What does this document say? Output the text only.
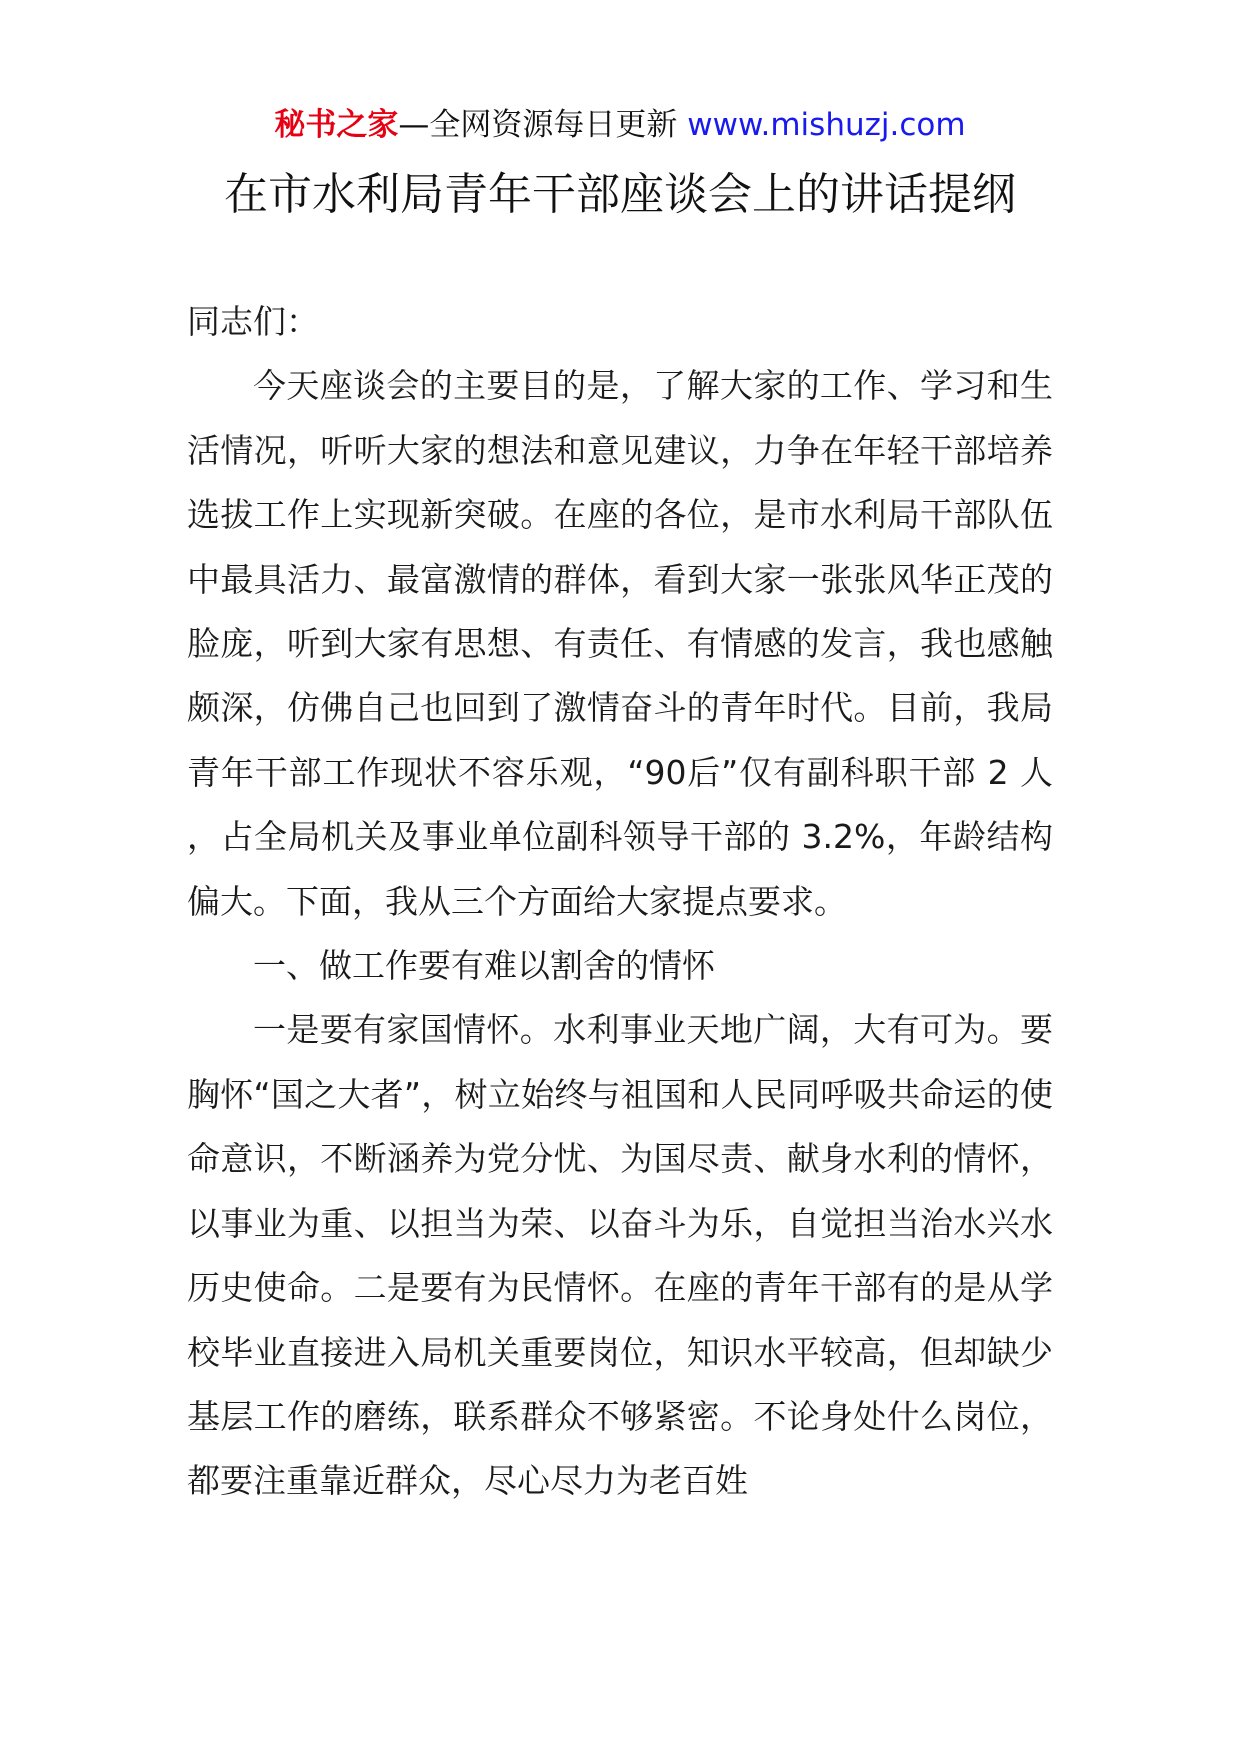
秘书之家—全网资源每日更新 www.mishuzj.com
在市水利局青年干部座谈会上的讲话提纲

同志们：

今天座谈会的主要目的是，了解大家的工作、学习和生活情况，听听大家的想法和意见建议，力争在年轻干部培养选拔工作上实现新突破。在座的各位，是市水利局干部队伍中最具活力、最富激情的群体，看到大家一张张风华正茂的脸庞，听到大家有思想、有责任、有情感的发言，我也感触颇深，仿佛自己也回到了激情奋斗的青年时代。目前，我局青年干部工作现状不容乐观，“90后”仅有副科职干部 2 人，占全局机关及事业单位副科领导干部的 3.2%，年龄结构偏大。下面，我从三个方面给大家提点要求。

一、做工作要有难以割舍的情怀

一是要有家国情怀。水利事业天地广阔，大有可为。要胸怀“国之大者”，树立始终与祖国和人民同呼吸共命运的使命意识，不断涵养为党分忧、为国尽责、献身水利的情怀，以事业为重、以担当为荣、以奋斗为乐，自觉担当治水兴水历史使命。二是要有为民情怀。在座的青年干部有的是从学校毕业直接进入局机关重要岗位，知识水平较高，但却缺少基层工作的磨练，联系群众不够紧密。不论身处什么岗位，都要注重靠近群众，尽心尽力为老百姓
